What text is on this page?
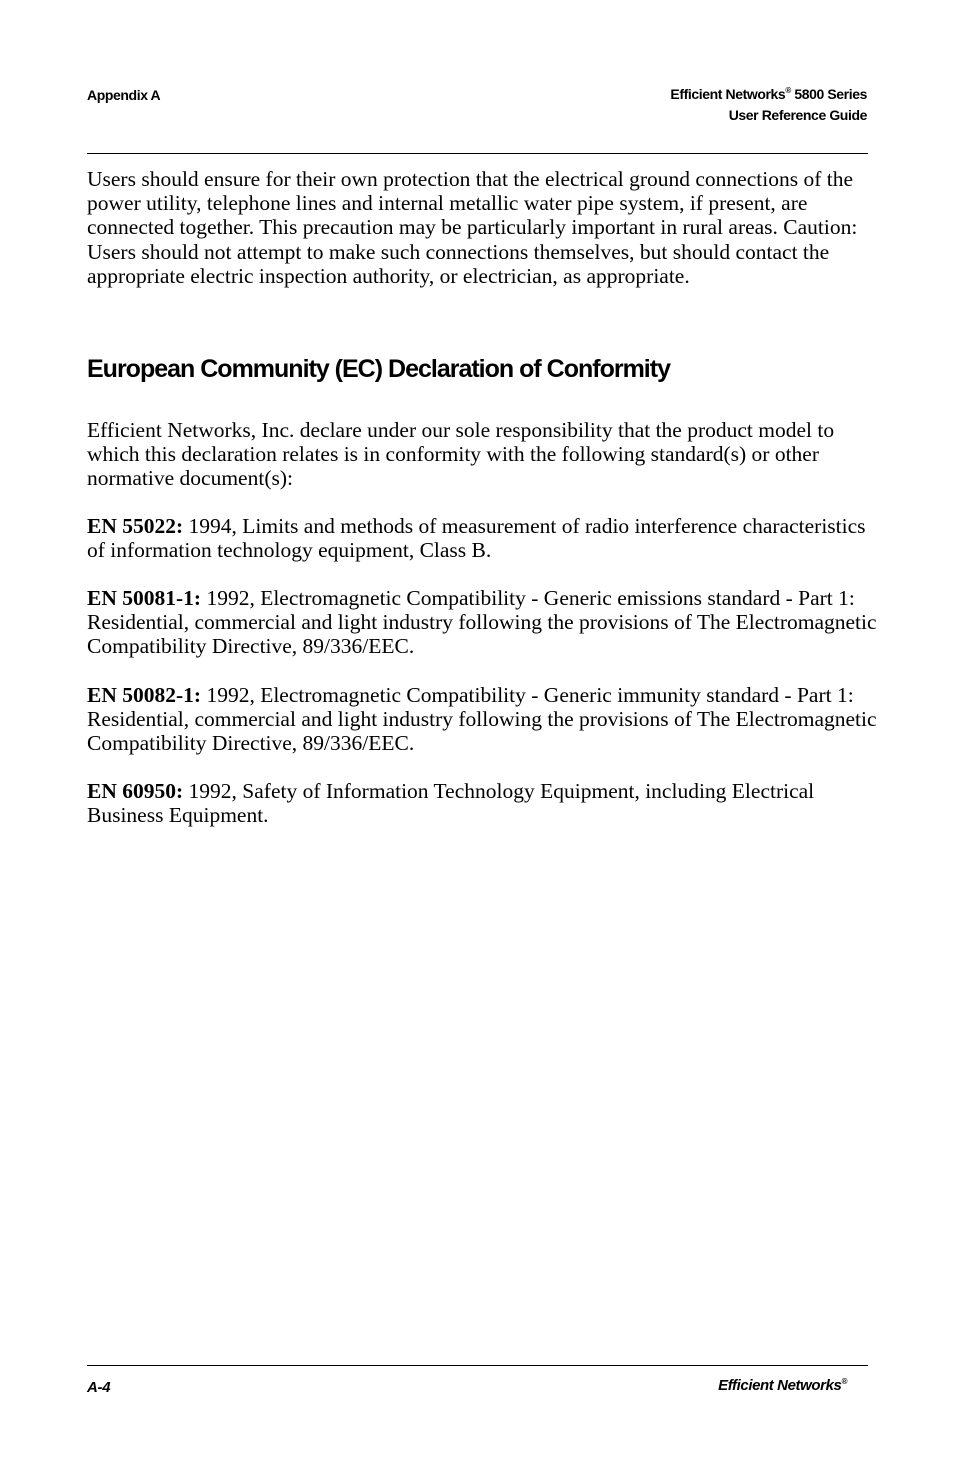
Appendix A	Efficient Networks® 5800 Series
User Reference Guide

Users should ensure for their own protection that the electrical ground connections of the power utility, telephone lines and internal metallic water pipe system, if present, are connected together. This precaution may be particularly important in rural areas. Caution: Users should not attempt to make such connections themselves, but should contact the appropriate electric inspection authority, or electrician, as appropriate.

European Community (EC) Declaration of Conformity

Efficient Networks, Inc. declare under our sole responsibility that the product model to which this declaration relates is in conformity with the following standard(s) or other normative document(s):

EN 55022: 1994, Limits and methods of measurement of radio interference characteristics of information technology equipment, Class B.

EN 50081-1: 1992, Electromagnetic Compatibility - Generic emissions standard - Part 1: Residential, commercial and light industry following the provisions of The Electromagnetic Compatibility Directive, 89/336/EEC.

EN 50082-1: 1992, Electromagnetic Compatibility - Generic immunity standard - Part 1: Residential, commercial and light industry following the provisions of The Electromagnetic Compatibility Directive, 89/336/EEC.

EN 60950: 1992, Safety of Information Technology Equipment, including Electrical Business Equipment.

A-4	Efficient Networks®
